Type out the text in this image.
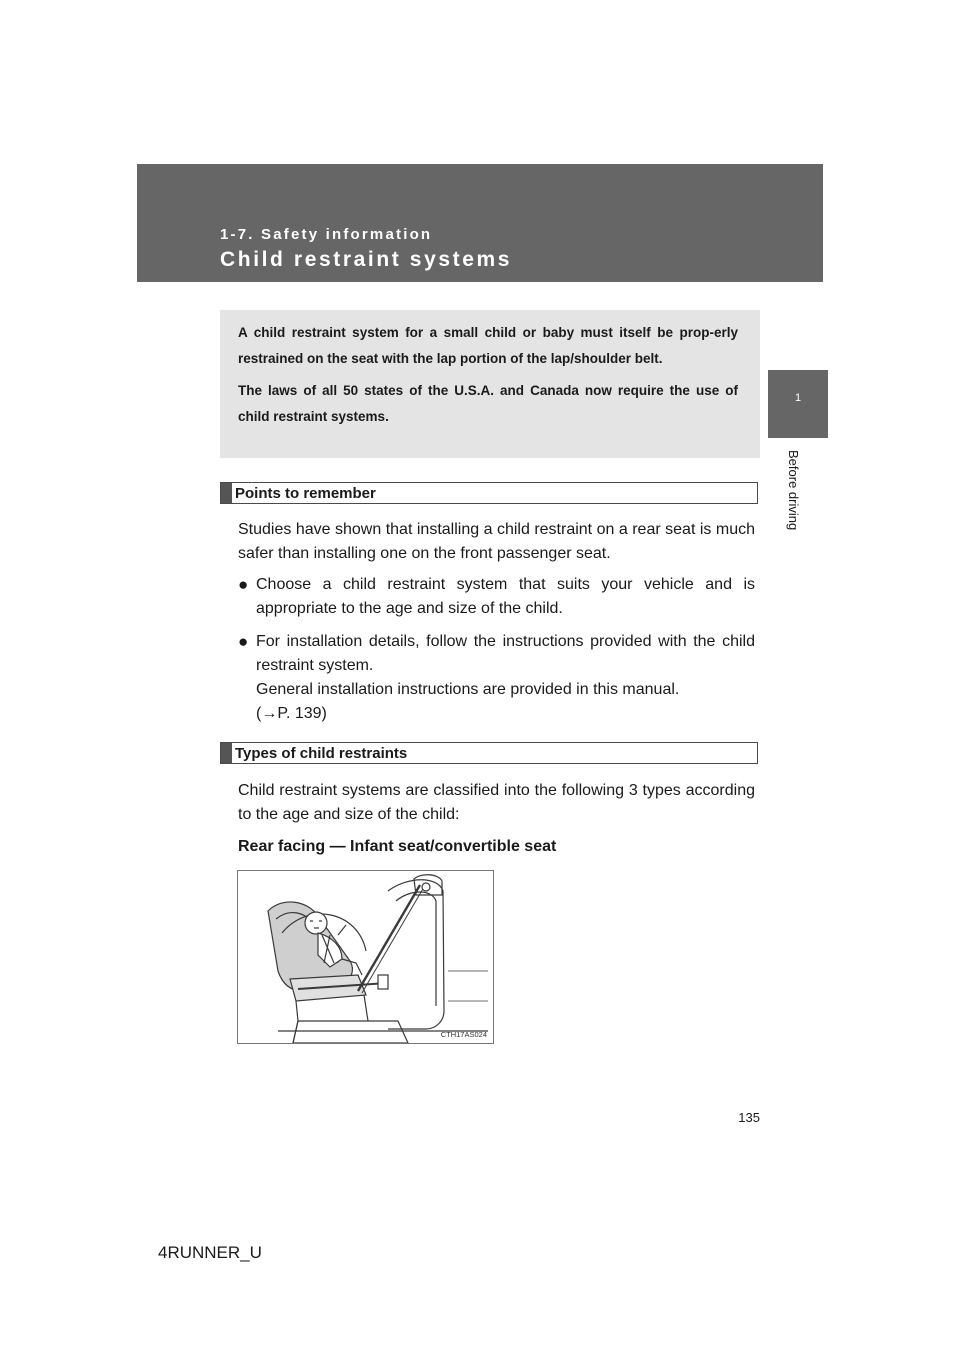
1-7. Safety information
Child restraint systems
1
Before driving

A child restraint system for a small child or baby must itself be prop-erly restrained on the seat with the lap portion of the lap/shoulder belt.

The laws of all 50 states of the U.S.A. and Canada now require the use of child restraint systems.

Points to remember

Studies have shown that installing a child restraint on a rear seat is much safer than installing one on the front passenger seat.

● Choose a child restraint system that suits your vehicle and is appropriate to the age and size of the child.
● For installation details, follow the instructions provided with the child restraint system.
General installation instructions are provided in this manual.
(→P. 139)
Types of child restraints

Child restraint systems are classified into the following 3 types according to the age and size of the child:

Rear facing — Infant seat/convertible seat
CTH17AS024
135
4RUNNER_U
